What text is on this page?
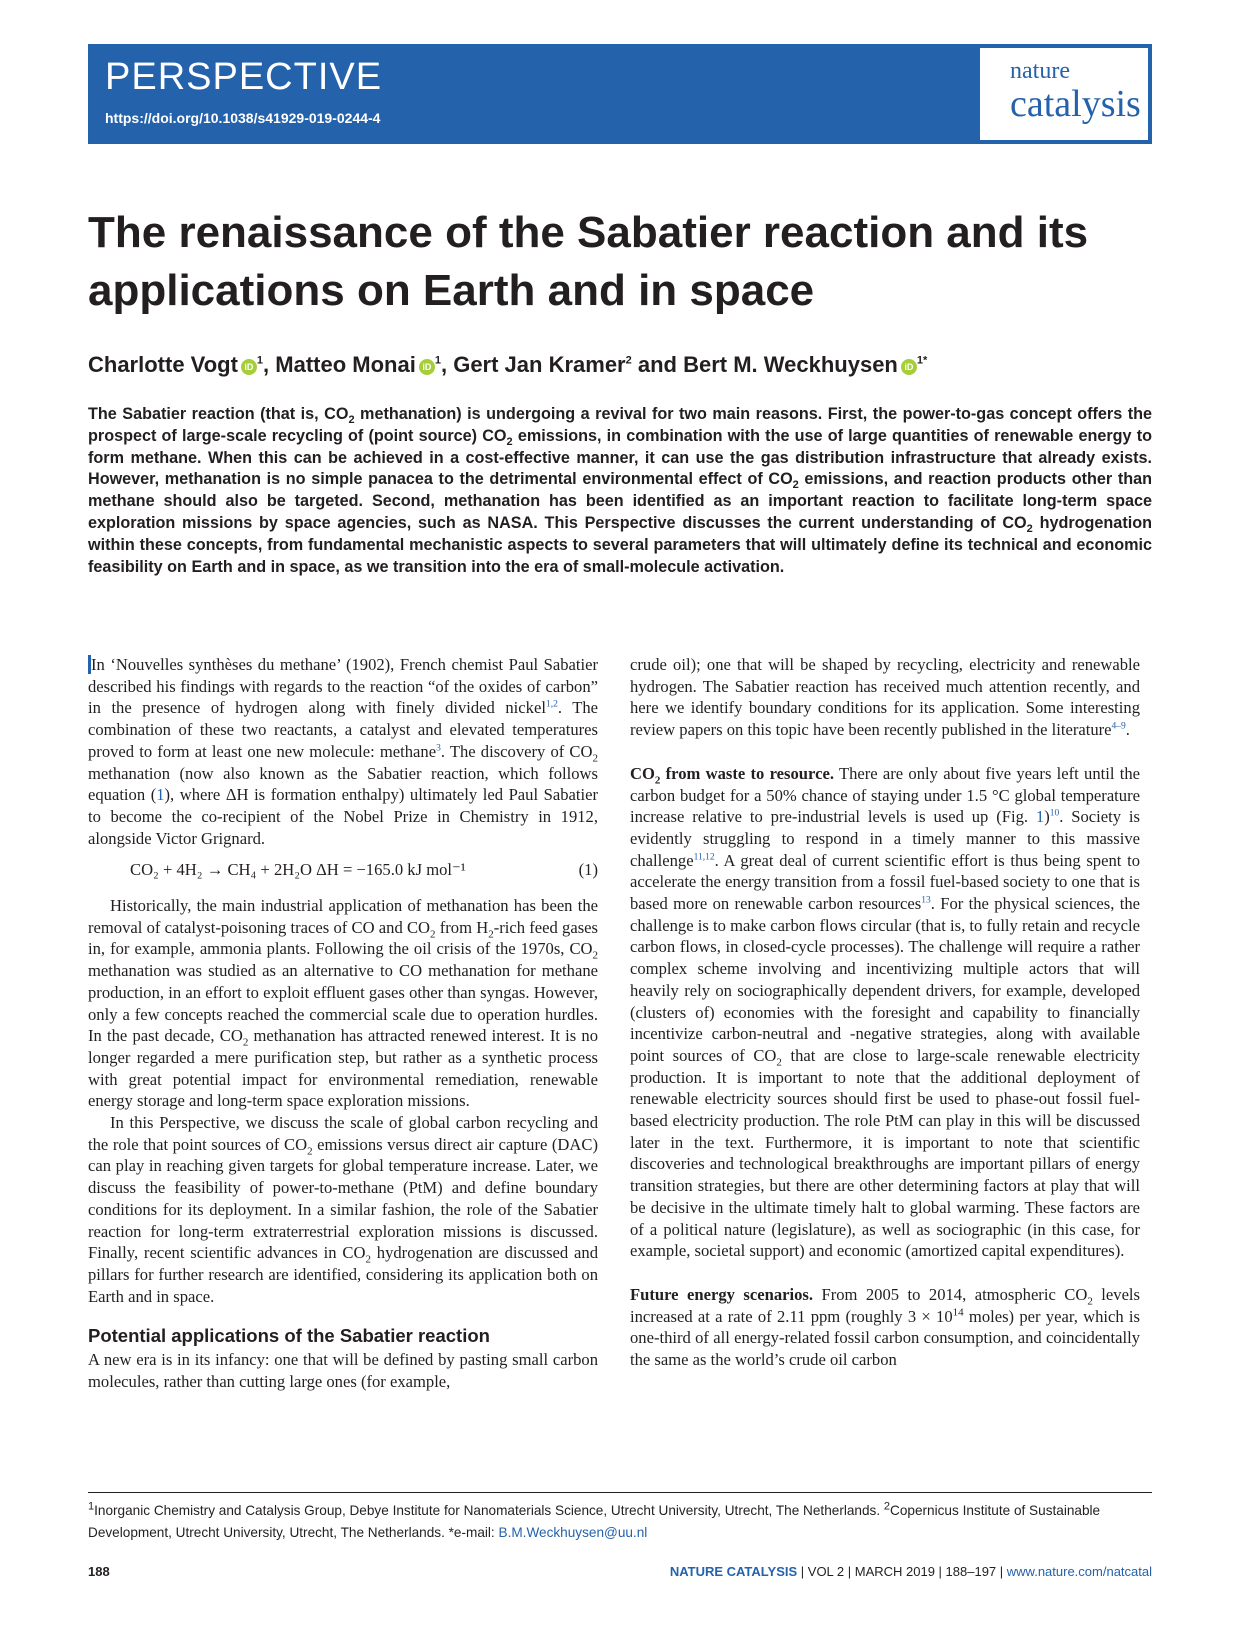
PERSPECTIVE
https://doi.org/10.1038/s41929-019-0244-4
nature
catalysis
The renaissance of the Sabatier reaction and its applications on Earth and in space
Charlotte Vogt $iD^1$, Matteo Monai $iD^1$, Gert Jan Kramer$^2$ and Bert M. Weckhuysen $iD^{1*}$
The Sabatier reaction (that is, $CO_2$ methanation) is undergoing a revival for two main reasons. First, the power-to-gas concept offers the prospect of large-scale recycling of (point source) $CO_2$ emissions, in combination with the use of large quantities of renewable energy to form methane. When this can be achieved in a cost-effective manner, it can use the gas distribution infrastructure that already exists. However, methanation is no simple panacea to the detrimental environmental effect of $CO_2$ emissions, and reaction products other than methane should also be targeted. Second, methanation has been identified as an important reaction to facilitate long-term space exploration missions by space agencies, such as NASA. This Perspective discusses the current understanding of $CO_2$ hydrogenation within these concepts, from fundamental mechanistic aspects to several parameters that will ultimately define its technical and economic feasibility on Earth and in space, as we transition into the era of small-molecule activation.

In ‘Nouvelles synthèses du methane’ (1902), French chemist Paul Sabatier described his findings with regards to the reaction “of the oxides of carbon” in the presence of hydrogen along with finely divided nickel$^{1,2}$. The combination of these two reactants, a catalyst and elevated temperatures proved to form at least one new molecule: methane$^3$. The discovery of $CO_2$ methanation (now also known as the Sabatier reaction, which follows equation (1), where ΔH is formation enthalpy) ultimately led Paul Sabatier to become the co-recipient of the Nobel Prize in Chemistry in 1912, alongside Victor Grignard.

CO₂ + 4H₂ → CH₄ + 2H₂O ΔH = −165.0 kJ mol⁻¹	(1)

Historically, the main industrial application of methanation has been the removal of catalyst-poisoning traces of CO and $CO_2$ from $H_2$-rich feed gases in, for example, ammonia plants. Following the oil crisis of the 1970s, $CO_2$ methanation was studied as an alternative to CO methanation for methane production, in an effort to exploit effluent gases other than syngas. However, only a few concepts reached the commercial scale due to operation hurdles. In the past decade, $CO_2$ methanation has attracted renewed interest. It is no longer regarded a mere purification step, but rather as a synthetic process with great potential impact for environmental remediation, renewable energy storage and long-term space exploration missions.

In this Perspective, we discuss the scale of global carbon recycling and the role that point sources of $CO_2$ emissions versus direct air capture (DAC) can play in reaching given targets for global temperature increase. Later, we discuss the feasibility of power-to-methane (PtM) and define boundary conditions for its deployment. In a similar fashion, the role of the Sabatier reaction for long-term extraterrestrial exploration missions is discussed. Finally, recent scientific advances in $CO_2$ hydrogenation are discussed and pillars for further research are identified, considering its application both on Earth and in space.

Potential applications of the Sabatier reaction

A new era is in its infancy: one that will be defined by pasting small carbon molecules, rather than cutting large ones (for example,

crude oil); one that will be shaped by recycling, electricity and renewable hydrogen. The Sabatier reaction has received much attention recently, and here we identify boundary conditions for its application. Some interesting review papers on this topic have been recently published in the literature$^{4-9}$.

$CO_2$ from waste to resource. There are only about five years left until the carbon budget for a 50% chance of staying under 1.5 °C global temperature increase relative to pre-industrial levels is used up (Fig. 1)$^{10}$. Society is evidently struggling to respond in a timely manner to this massive challenge$^{11,12}$. A great deal of current scientific effort is thus being spent to accelerate the energy transition from a fossil fuel-based society to one that is based more on renewable carbon resources$^{13}$. For the physical sciences, the challenge is to make carbon flows circular (that is, to fully retain and recycle carbon flows, in closed-cycle processes). The challenge will require a rather complex scheme involving and incentivizing multiple actors that will heavily rely on sociographically dependent drivers, for example, developed (clusters of) economies with the foresight and capability to financially incentivize carbon-neutral and -negative strategies, along with available point sources of $CO_2$ that are close to large-scale renewable electricity production. It is important to note that the additional deployment of renewable electricity sources should first be used to phase-out fossil fuel-based electricity production. The role PtM can play in this will be discussed later in the text. Furthermore, it is important to note that scientific discoveries and technological breakthroughs are important pillars of energy transition strategies, but there are other determining factors at play that will be decisive in the ultimate timely halt to global warming. These factors are of a political nature (legislature), as well as sociographic (in this case, for example, societal support) and economic (amortized capital expenditures).

Future energy scenarios. From 2005 to 2014, atmospheric $CO_2$ levels increased at a rate of 2.11 ppm (roughly $3 \times 10^{14}$ moles) per year, which is one-third of all energy-related fossil carbon consumption, and coincidentally the same as the world’s crude oil carbon

$^1$Inorganic Chemistry and Catalysis Group, Debye Institute for Nanomaterials Science, Utrecht University, Utrecht, The Netherlands. $^2$Copernicus Institute of Sustainable Development, Utrecht University, Utrecht, The Netherlands. *e-mail: B.M.Weckhuysen@uu.nl
188	NATURE CATALYSIS | VOL 2 | MARCH 2019 | 188–197 | www.nature.com/natcatal
